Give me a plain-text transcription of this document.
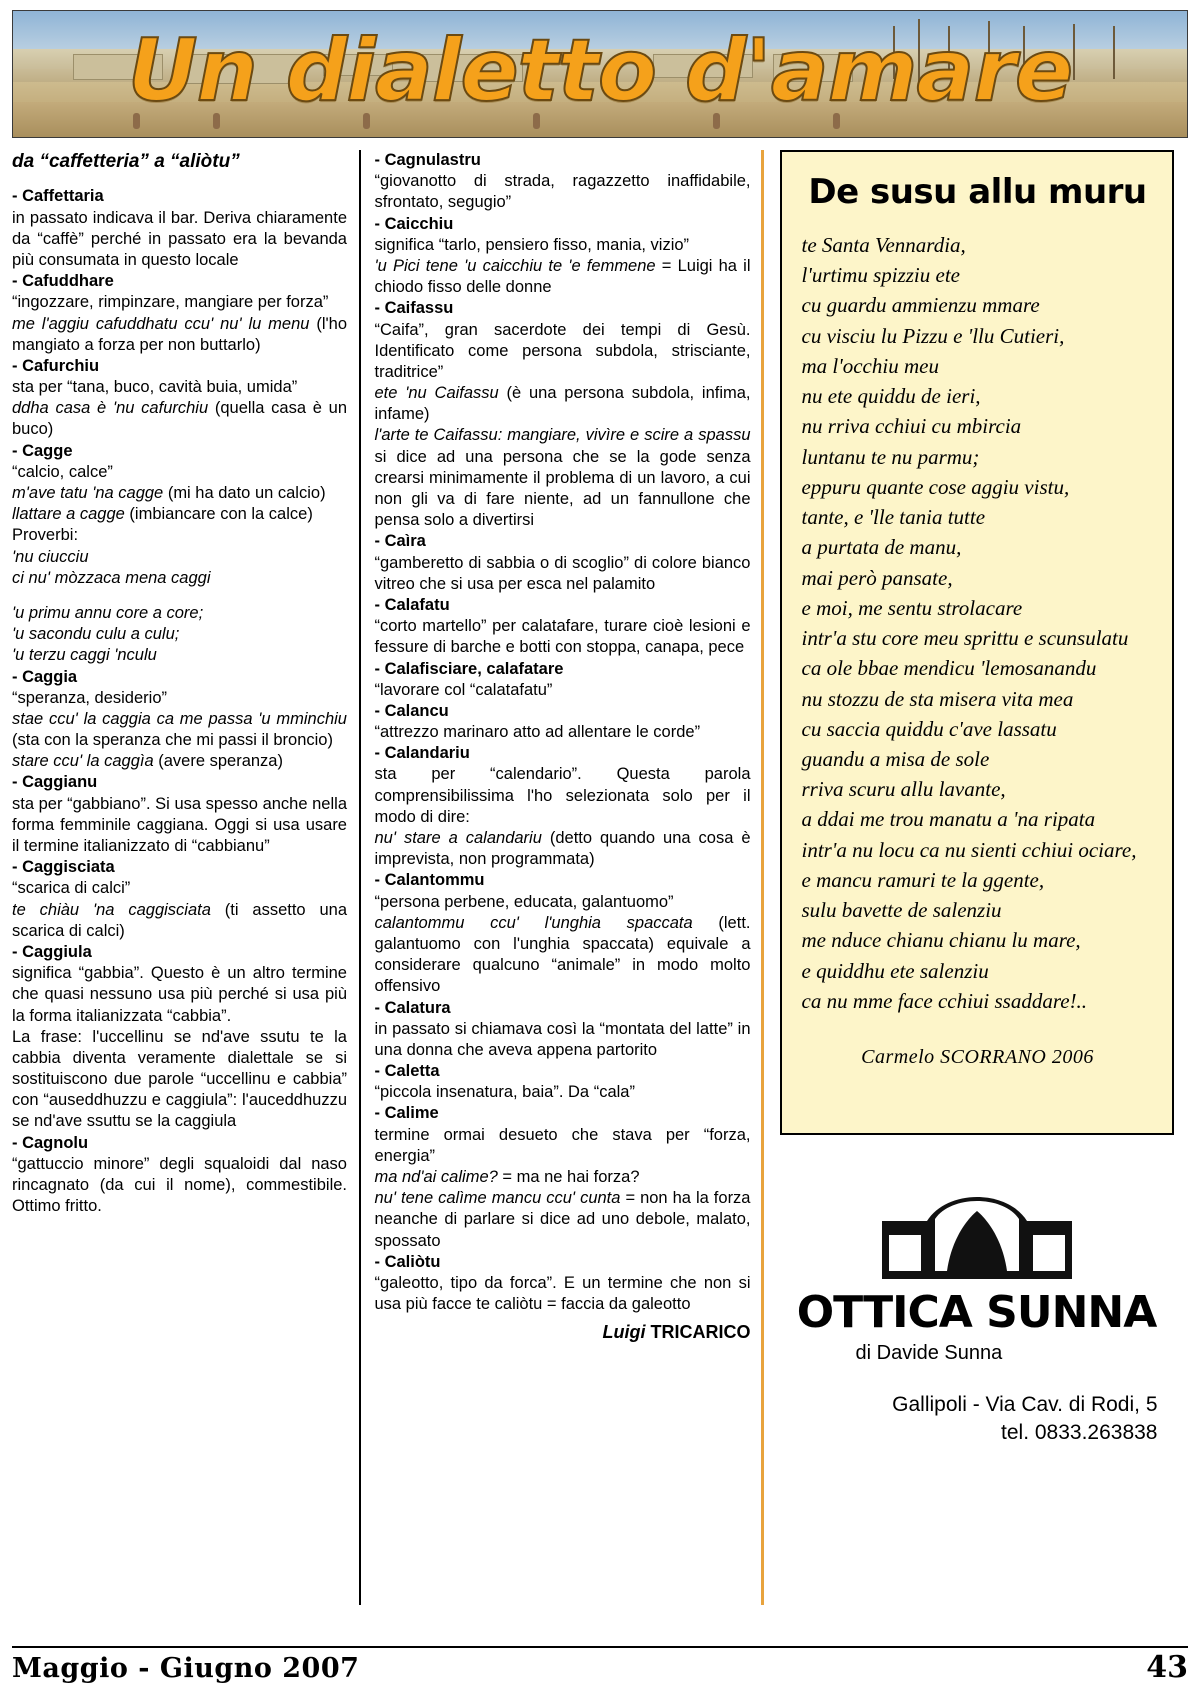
Un dialetto d'amare
da “caffetteria” a “aliòtu”
- Caffettaria

in passato indicava il bar. Deriva chiaramente da “caffè” perché in passato era la bevanda più consumata in questo locale

- Cafuddhare

“ingozzare, rimpinzare, mangiare per forza”

me l'aggiu cafuddhatu ccu' nu' lu menu (l'ho mangiato a forza per non buttarlo)

- Cafurchiu

sta per “tana, buco, cavità buia, umida”

ddha casa è 'nu cafurchiu (quella casa è un buco)

- Cagge

“calcio, calce”

m'ave tatu 'na cagge (mi ha dato un calcio)

llattare a cagge (imbiancare con la calce)

Proverbi:

'nu ciucciu

ci nu' mòzzaca mena caggi

'u primu annu core a core;

'u sacondu culu a culu;

'u terzu caggi 'nculu

- Caggia

“speranza, desiderio”

stae ccu' la caggia ca me passa 'u mminchiu (sta con la speranza che mi passi il broncio)

stare ccu' la caggìа (avere speranza)

- Caggianu

sta per “gabbiano”. Si usa spesso anche nella forma femminile caggiana. Oggi si usa usare il termine italianizzato di “cabbianu”

- Caggisciata

“scarica di calci”

te chiàu 'na caggisciata (ti assetto una scarica di calci)

- Caggiula

significa “gabbia”. Questo è un altro termine che quasi nessuno usa più perché si usa più la forma italianizzata “cabbia”.

La frase: l'uccellinu se nd'ave ssutu te la cabbia diventa veramente dialettale se si sostituiscono due parole “uccellinu e cabbia” con “auseddhuzzu e caggiula”: l'auceddhuzzu se nd'ave ssuttu se la caggiula

- Cagnolu

“gattuccio minore” degli squaloidi dal naso rincagnato (da cui il nome), commestibile. Ottimo fritto.

- Cagnulastru

“giovanotto di strada, ragazzetto inaffidabile, sfrontato, segugio”

- Caicchiu

significa “tarlo, pensiero fisso, mania, vizio”

'u Pici tene 'u caicchiu te 'e femmene = Luigi ha il chiodo fisso delle donne

- Caifassu

“Caifa”, gran sacerdote dei tempi di Gesù. Identificato come persona subdola, strisciante, traditrice”

ete 'nu Caifassu (è una persona subdola, infima, infame)

l'arte te Caifassu: mangiare, vivìre e scire a spassu si dice ad una persona che se la gode senza crearsi minimamente il problema di un lavoro, a cui non gli va di fare niente, ad un fannullone che pensa solo a divertirsi

- Caìra

“gamberetto di sabbia o di scoglio” di colore bianco vitreo che si usa per esca nel palamito

- Calafatu

“corto martello” per calatafare, turare cioè lesioni e fessure di barche e botti con stoppa, canapa, pece

- Calafisciare, calafatare

“lavorare col “calatafatu”

- Calancu

“attrezzo marinaro atto ad allentare le corde”

- Calandariu

sta per “calendario”. Questa parola comprensibilissima l'ho selezionata solo per il modo di dire:

nu' stare a calandariu (detto quando una cosa è imprevista, non programmata)

- Calantommu

“persona perbene, educata, galantuomo”

calantommu ccu' l'unghia spaccata (lett. galantuomo con l'unghia spaccata) equivale a considerare qualcuno “animale” in modo molto offensivo

- Calatura

in passato si chiamava così la “montata del latte” in una donna che aveva appena partorito

- Caletta

“piccola insenatura, baia”. Da “cala”

- Calime

termine ormai desueto che stava per “forza, energia”

ma nd'ai calime? = ma ne hai forza?

nu' tene calìme mancu ccu' cunta = non ha la forza neanche di parlare si dice ad uno debole, malato, spossato

- Caliòtu

“galeotto, tipo da forca”. E un termine che non si usa più facce te caliòtu = faccia da galeotto

Luigi TRICARICO
De susu allu muru
te Santa Vennardia,
l'urtimu spizziu ete
cu guardu ammienzu mmare
cu visciu lu Pizzu e 'llu Cutieri,
ma l'occhiu meu
nu ete quiddu de ieri,
nu rriva cchiui cu mbircia
luntanu te nu parmu;
eppuru quante cose aggiu vistu,
tante, e 'lle tania tutte
a purtata de manu,
mai però pansate,
e moi, me sentu strolacare
intr'a stu core meu sprittu e scunsulatu
ca ole bbae mendicu 'lemosanandu
nu stozzu de sta misera vita mea
cu saccia quiddu c'ave lassatu
guandu a misa de sole
rriva scuru allu lavante,
a ddai me trou manatu a 'na ripata
intr'a nu locu ca nu sienti cchiui ociare,
e mancu ramuri te la ggente,
sulu bavette de salenziu
me nduce chianu chianu lu mare,
e quiddhu ete salenziu
ca nu mme face cchiui ssaddare!..
Carmelo SCORRANO 2006
OTTICA SUNNA
di Davide Sunna
Gallipoli - Via Cav. di Rodi, 5
tel. 0833.263838
Maggio - Giugno 2007	43
